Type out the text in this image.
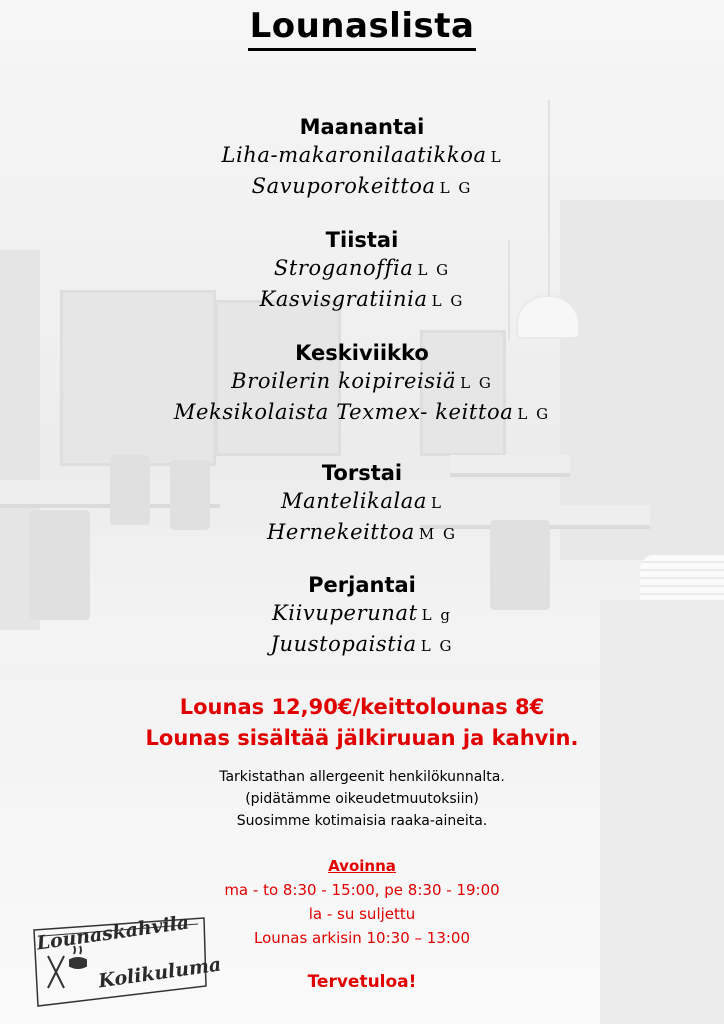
Lounaslista
Maanantai
Liha-makaronilaatikkoa L
Savuporokeittoa L G
Tiistai
Stroganoffia L G
Kasvisgratiinia L G
Keskiviikko
Broilerin koipireisiä L G
Meksikolaista Texmex- keittoa L G
Torstai
Mantelikalaa L
Hernekeittoa M G
Perjantai
Kiivuperunat L g
Juustopaistia L G
Lounas 12,90€/keittolounas 8€
Lounas sisältää jälkiruuan ja kahvin.
Tarkistathan allergeenit henkilökunnalta.
(pidätämme oikeudetmuutoksiin)
Suosimme kotimaisia raaka-aineita.
Avoinna
ma - to 8:30 - 15:00, pe 8:30 - 19:00
la - su suljettu
Lounas arkisin 10:30 – 13:00
Tervetuloa!
Lounaskahvila
Kolikuluma
